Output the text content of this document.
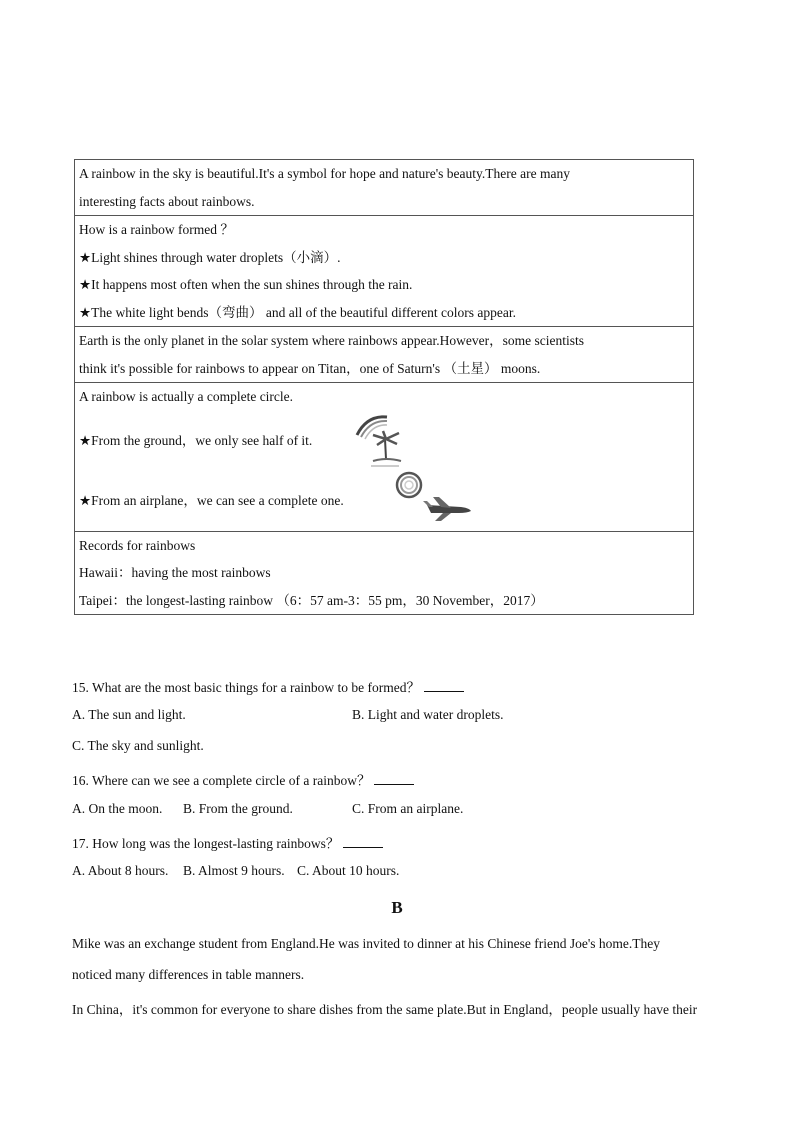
A rainbow in the sky is beautiful.It's a symbol for hope and nature's beauty.There are many
interesting facts about rainbows.
How is a rainbow formed ？
★Light shines through water droplets（小滴）.
★It happens most often when the sun shines through the rain.
★The white light bends（弯曲） and all of the beautiful different colors appear.
Earth is the only planet in the solar system where rainbows appear.However，some scientists
think it's possible for rainbows to appear on Titan，one of Saturn's （土星） moons.
A rainbow is actually a complete circle.
★From the ground，we only see half of it.
★From an airplane，we can see a complete one.
Records for rainbows
Hawaii：having the most rainbows
Taipei：the longest-lasting rainbow （6：57 am-3：55 pm，30 November，2017）
15. What are the most basic things for a rainbow to be formed？
A. The sun and light.	B. Light and water droplets.
C. The sky and sunlight.
16. Where can we see a complete circle of a rainbow？
A. On the moon. B. From the ground.	C. From an airplane.
17. How long was the longest-lasting rainbows？
A. About 8 hours. B. Almost 9 hours. C. About 10 hours.
B
Mike was an exchange student from England.He was invited to dinner at his Chinese friend Joe's home.They
noticed many differences in table manners.
In China，it's common for everyone to share dishes from the same plate.But in England，people usually have their
